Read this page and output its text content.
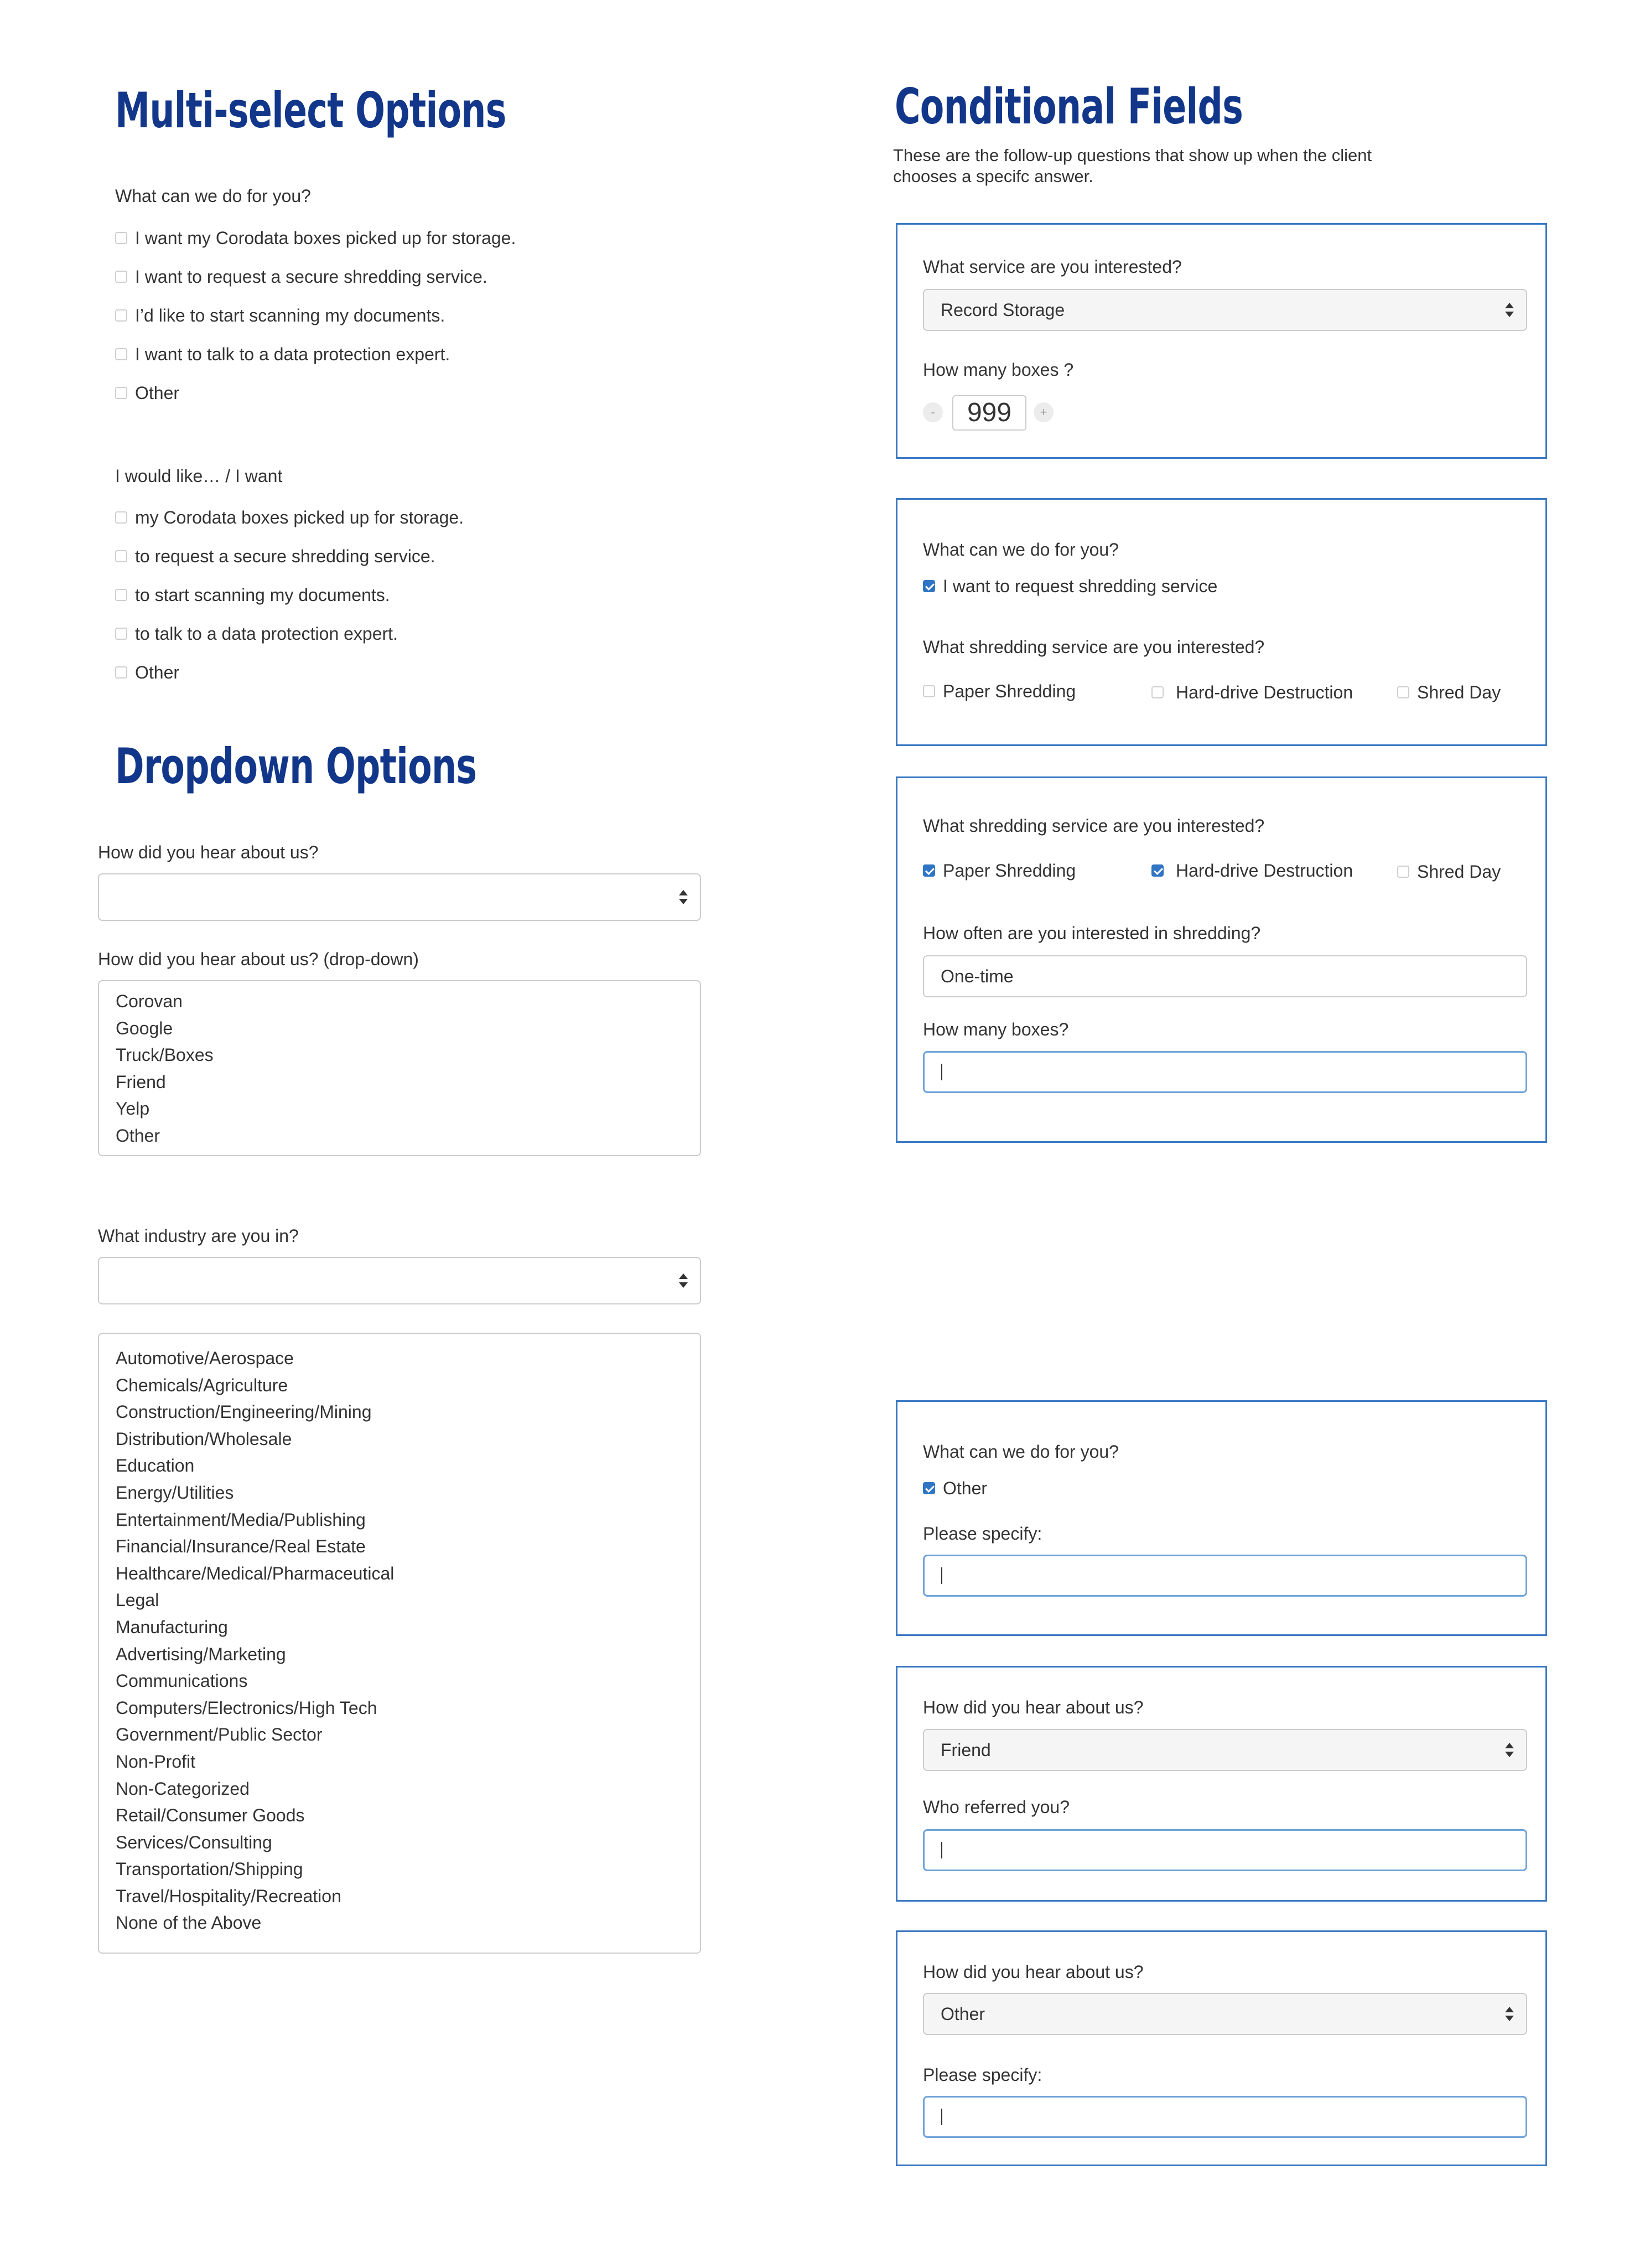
Multi-select Options
What can we do for you?
I want my Corodata boxes picked up for storage.
I want to request a secure shredding service.
I’d like to start scanning my documents.
I want to talk to a data protection expert.
Other
I would like… / I want
my Corodata boxes picked up for storage.
to request a secure shredding service.
to start scanning my documents.
to talk to a data protection expert.
Other
Dropdown Options
How did you hear about us?
How did you hear about us? (drop-down)
Corovan
Google
Truck/Boxes
Friend
Yelp
Other
What industry are you in?
Automotive/Aerospace
Chemicals/Agriculture
Construction/Engineering/Mining
Distribution/Wholesale
Education
Energy/Utilities
Entertainment/Media/Publishing
Financial/Insurance/Real Estate
Healthcare/Medical/Pharmaceutical
Legal
Manufacturing
Advertising/Marketing
Communications
Computers/Electronics/High Tech
Government/Public Sector
Non-Profit
Non-Categorized
Retail/Consumer Goods
Services/Consulting
Transportation/Shipping
Travel/Hospitality/Recreation
None of the Above
Conditional Fields
These are the follow-up questions that show up when the client chooses a specifc answer.
What service are you interested?
Record Storage
How many boxes ?
-	999	+
What can we do for you?
I want to request shredding service
What shredding service are you interested?
Paper Shredding	Hard-drive Destruction	Shred Day
What shredding service are you interested?
Paper Shredding	Hard-drive Destruction	Shred Day
How often are you interested in shredding?
One-time
How many boxes?
What can we do for you?
Other
Please specify:
How did you hear about us?
Friend
Who referred you?
How did you hear about us?
Other
Please specify:
